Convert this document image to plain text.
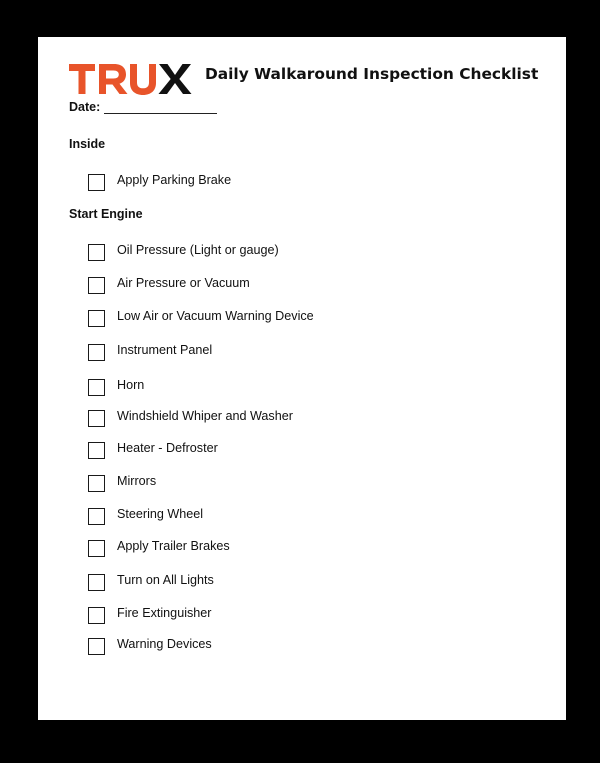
Daily Walkaround Inspection Checklist
Date:
Inside
Apply Parking Brake
Start Engine
Oil Pressure (Light or gauge)
Air Pressure or Vacuum
Low Air or Vacuum Warning Device
Instrument Panel
Horn
Windshield Whiper and Washer
Heater - Defroster
Mirrors
Steering Wheel
Apply Trailer Brakes
Turn on All Lights
Fire Extinguisher
Warning Devices
